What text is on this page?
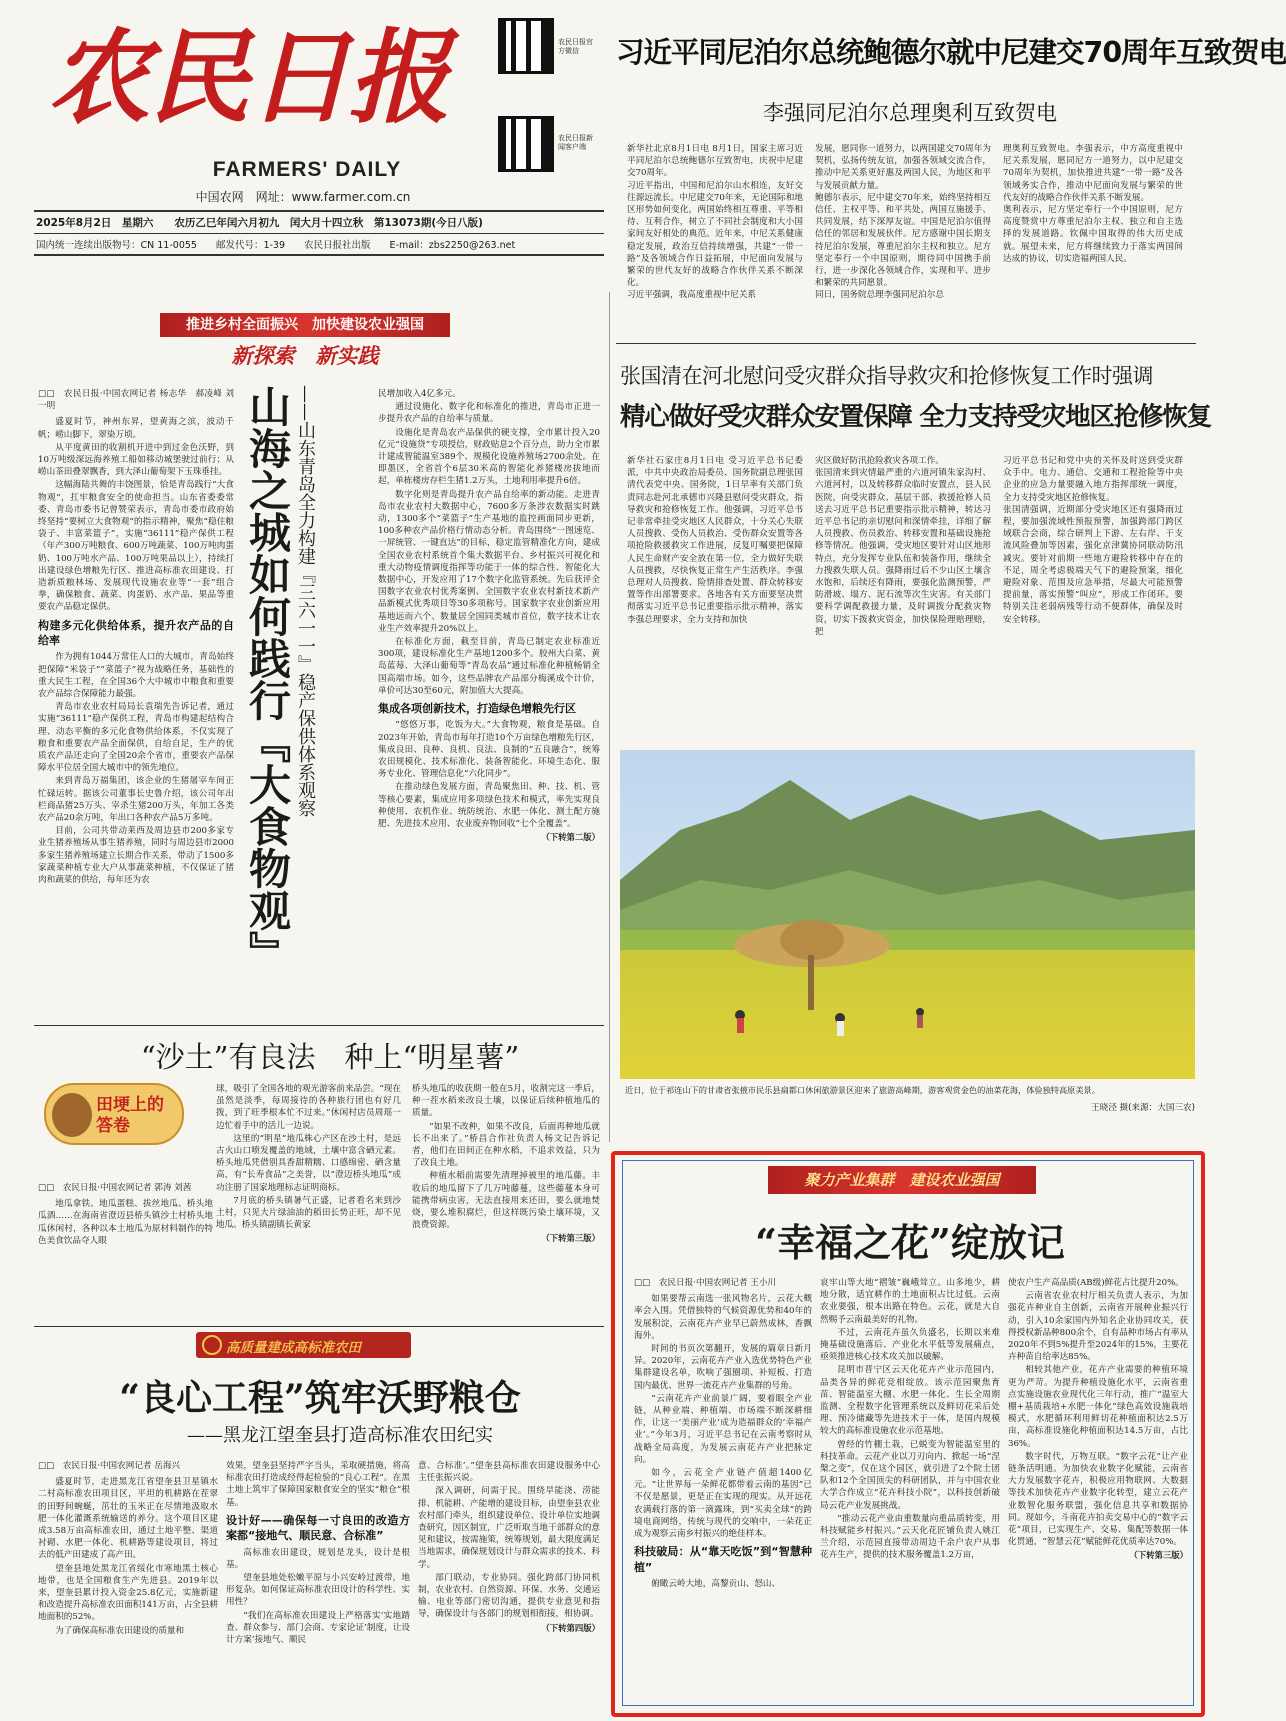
农民日报
FARMERS' DAILY
中国农网　网址：www.farmer.com.cn
农民日报官方微信
农民日报新闻客户端
2025年8月2日　星期六　　农历乙巳年闰六月初九　闰大月十四立秋　第13073期(今日八版)
国内统一连续出版物号：CN 11-0055　　邮发代号：1-39　　农民日报社出版　　E-mail：zbs2250@263.net
习近平同尼泊尔总统鲍德尔就中尼建交70周年互致贺电
李强同尼泊尔总理奥利互致贺电
新华社北京8月1日电 8月1日，国家主席习近平同尼泊尔总统鲍德尔互致贺电，庆祝中尼建交70周年。
习近平指出，中国和尼泊尔山水相连，友好交往源远流长。中尼建交70年来，无论国际和地区形势如何变化，两国始终相互尊重、平等相待、互利合作，树立了不同社会制度和大小国家间友好相处的典范。近年来，中尼关系健康稳定发展，政治互信持续增强，共建“一带一路”及各领域合作日益拓展，中尼面向发展与繁荣的世代友好的战略合作伙伴关系不断深化。
习近平强调，我高度重视中尼关系
发展，愿同你一道努力，以两国建交70周年为契机，弘扬传统友谊，加强各领域交流合作，推动中尼关系更好惠及两国人民，为地区和平与发展贡献力量。
鲍德尔表示，尼中建交70年来，始终坚持相互信任、主权平等、和平共处，两国互施援手、共同发展，结下深厚友谊。中国是尼泊尔值得信任的邻居和发展伙伴。尼方感谢中国长期支持尼泊尔发展，尊重尼泊尔主权和独立。尼方坚定奉行一个中国原则，期待同中国携手前行，进一步深化各领域合作，实现和平、进步和繁荣的共同愿景。
同日，国务院总理李强同尼泊尔总
理奥利互致贺电。李强表示，中方高度重视中尼关系发展，愿同尼方一道努力，以中尼建交70周年为契机，加快推进共建“一带一路”及各领域务实合作，推动中尼面向发展与繁荣的世代友好的战略合作伙伴关系不断发展。
奥利表示，尼方坚定奉行一个中国原则，尼方高度赞赏中方尊重尼泊尔主权、独立和自主选择的发展道路。钦佩中国取得的伟大历史成就。展望未来，尼方将继续致力于落实两国间达成的协议，切实造福两国人民。
推进乡村全面振兴　加快建设农业强国
新探索　新实践
张国清在河北慰问受灾群众指导救灾和抢修恢复工作时强调
精心做好受灾群众安置保障 全力支持受灾地区抢修恢复
新华社石家庄8月1日电 受习近平总书记委派，中共中央政治局委员、国务院副总理张国清代表党中央、国务院，1日早率有关部门负责同志赴河北承德市兴隆县慰问受灾群众，指导救灾和抢修恢复工作。他强调，习近平总书记非常牵挂受灾地区人民群众，十分关心失联人员搜救、受伤人员救治、受伤群众安置等各项抢险救援救灾工作进展，反复叮嘱要把保障人民生命财产安全放在第一位，全力做好失联人员搜救，尽快恢复正常生产生活秩序。李强总理对人员搜救、险情排查处置、群众转移安置等作出部署要求。各地各有关方面要坚决贯彻落实习近平总书记重要指示批示精神，落实李强总理要求，全力支持和加快
灾区做好防汛抢险救灾各项工作。
张国清来到灾情最严重的六道河镇朱家沟村、六道河村，以及转移群众临时安置点，县人民医院，向受灾群众、基层干部、救援抢修人员送去习近平总书记重要指示批示精神，转达习近平总书记的亲切慰问和深情牵挂，详细了解人员搜救、伤员救治、转移安置和基础设施抢修等情况。他强调，受灾地区要针对山区地形特点，充分发挥专业队伍和装备作用，继续全力搜救失联人员。强降雨过后不少山区土壤含水饱和，后续还有降雨，要强化监测预警，严防滑坡、塌方、泥石流等次生灾害。有关部门要科学调配救援力量，及时调拨分配救灾物资，切实下拨救灾资金，加快保险理赔理赔，把
习近平总书记和党中央的关怀及时送到受灾群众手中。电力、通信、交通和工程抢险等中央企业的应急力量要融入地方指挥部统一调度，全力支持受灾地区抢修恢复。
张国清强调，近期部分受灾地区还有强降雨过程，要加强流域性预报预警，加强跨部门跨区域联合会商，综合研判上下游、左右岸、干支流风险叠加等因素，强化京津冀协同联动防汛减灾。要针对前期一些地方避险转移中存在的不足，周全考虑极端天气下的避险预案，细化避险对象、范围及应急举措，尽最大可能预警提前量，落实预警“叫应”，形成工作闭环。要特别关注老弱病残等行动不便群体，确保及时安全转移。
近日，位于祁连山下的甘肃省张掖市民乐县扁都口休闲旅游景区迎来了旅游高峰期，游客观赏金色的油菜花海，体验独特高原美景。
王晓泾 摄(来源：大国三农)
山海之城如何践行『大食物观』 ——山东青岛全力构建『三六一一』稳产保供体系观察
□□　农民日报·中国农网记者 杨志华　郝凌峰 刘一明

盛夏时节，神州东昇，望黄海之滨，波动千帆；崂山脚下，翠染万顷。

从平度黄田的收割机开进中到过金色沃野，到10万吨级深远海养殖工船如移动城堡驶过前行；从崂山茶田叠翠飘香，到大泽山葡萄架下玉珠垂挂。

这幅海陆共舞的丰饶图景，恰是青岛践行“大食物观”，扛牢粮食安全的使命担当。山东省委委常委、青岛市委书记曾赞荣表示，青岛市委市政府始终坚持“要树立大食物观”的指示精神，聚焦“稳住粮袋子、丰富菜篮子”，实施“36111”稳产保供工程（年产300万吨粮食、600万吨蔬菜、100万吨肉蛋奶、100万吨水产品、100万吨果品以上），持续打出建设绿色增粮先行区、推进高标准农田建设、打造新质粮林场、发展现代设施农业等“一套”组合拳，确保粮食、蔬菜、肉蛋奶、水产品、果品等重要农产品稳定保供。

构建多元化供给体系，提升农产品的自给率

作为拥有1044万常住人口的大城市，青岛始终把保障“米袋子”“菜篮子”视为战略任务，基础性的重大民生工程，在全国36个大中城市中粮食和重要农产品综合保障能力最强。

青岛市农业农村局局长袁瑞先告诉记者，通过实施“36111”稳产保供工程，青岛市构建起结构合理、动态平衡的多元化食物供给体系，不仅实现了粮食和重要农产品全面保供，自给自足，生产的优质农产品还走向了全国20余个省市，重要农产品保障水平位居全国大城市中的领先地位。

来到青岛万福集团，该企业的生猪屠宰车间正忙碌运转。据该公司董事长史鲁介绍，该公司年出栏商品猪25万头、宰杀生猪200万头，年加工各类农产品20余万吨，年出口各种农产品5万多吨。

目前，公司共带动莱西及周边县市200多家专业生猪养殖场从事生猪养殖，同时与周边县市2000多家生猪养殖场建立长期合作关系，带动了1500多家蔬菜种植专业大户从事蔬菜种植，不仅保证了猪肉和蔬菜的供给，每年还为农

民增加收入4亿多元。

通过设施化、数字化和标准化的推进，青岛市正进一步提升农产品的自给率与质量。

设施化是青岛农产品保供的硬支撑，全市累计投入20亿元“设施贷”专项授信，财政贴息2个百分点，助力全市累计建成智能温室389个、规模化设施养殖场2700余处。在即墨区，全省首个6层30米高的智能化养猪楼房拔地而起，单栋楼房存栏生猪1.2万头，土地利用率提升6倍。

数字化则是青岛提升农产品自给率的新动能。走进青岛市农业农村大数据中心，7600多万条涉农数据实时跳动，1300多个“菜篮子”生产基地的监控画面同步更新，100多种农产品价格行情动态分析。青岛围绕“一图速览、一屏统管、一键直达”的目标，稳定监管精准化方向，建成全国农业农村系统首个集大数据平台、乡村振兴可视化和重大动物疫情调度指挥等功能于一体的综合性、智能化大数据中心，开发应用了17个数字化监管系统。先后获评全国数字农业农村优秀案例、全国数字农业农村新技术新产品新模式优秀项目等30多项称号。国家数字农业创新应用基地远而六个、数量居全国同类城市首位，数字技术让农业生产效率提升20%以上。

在标准化方面，截至目前，青岛已制定农业标准近300项，建设标准化生产基地1200多个。胶州大白菜、黄岛蓝莓、大泽山葡萄等“青岛农品”通过标准化种植畅销全国高端市场。如今，这些品牌农产品部分梅溪成个计价，单价可达30至60元，附加值大大提高。

集成各项创新技术，打造绿色增粮先行区

“悠悠万事，吃饭为大。”大食物观，粮食是基础。自2023年开始，青岛市每年打造10个万亩绿色增粮先行区，集成良田、良种、良机、良法、良制的“五良融合”，统筹农田规模化、技术标准化、装备智能化、环境生态化、服务专业化、管理信息化“六化同步”。

在推动绿色发展方面，青岛聚焦田、种、技、机、管等核心要素，集成应用多项绿色技术和模式，率先实现良种使用、农机作业、统防统治、水肥一体化、测土配方施肥、先进技术应用、农业废弃物回收“七个全覆盖”。

（下转第二版）
“沙土”有良法　种上“明星薯”
田埂上的答卷
□□　农民日报·中国农网记者 郭涛 刘茜

地瓜拿铁、地瓜蛋糕、拔丝地瓜、桥头地瓜酒……在海南省澄迈县桥头镇沙土村桥头地瓜休闲村，各种以本土地瓜为原材料制作的特色美食饮品夺人眼

球，吸引了全国各地的观光游客前来品尝。“现在虽然是淡季，每周接待的各种旅行团也有好几拨，到了旺季根本忙不过来。”休闲村店员周瑶一边忙着手中的活儿一边说。

这里的“明星”地瓜株心产区在沙土村，是远古火山口喷发覆盖的地域，土壤中富含硒元素。桥头地瓜凭借别具香甜精糯、口感绵密、硒含量高，有“长寿食品”之美誉，以“澄迈桥头地瓜”成功注册了国家地理标志证明商标。

7月底的桥头镇暑气正盛，记者看名来到沙土村，只见大片绿油油的稻田长势正旺，却不见地瓜。桥头镇副镇长黄家

桥头地瓜的收获期一般在5月，收割完这一季后，种一茬水稻来改良土壤，以保证后续种植地瓜的质量。

“如果不改种，如果不改良，后面再种地瓜就长不出来了。”桥昌合作社负责人杨文记告诉记者，他们在田间正在种水稻，不追求效益，只为了改良土地。

种植水稻前需要先清理掉被里的地瓜藤。丰收后的地瓜留下了几万吨藤蔓，这些藤蔓本身可能携带病虫害，无法直接用来还田，要么就地焚烧，要么堆积腐烂，但这样既污染土壤环境，又浪费资源。

（下转第三版）
高质量建成高标准农田
“良心工程”筑牢沃野粮仓
——黑龙江望奎县打造高标准农田纪实
□□　农民日报·中国农网记者 岳海兴

盛夏时节，走进黑龙江省望奎县卫星镇水二村高标准农田项目区，平坦的机耕路在茬翠的田野间蜿蜒，茁壮的玉米正在尽情地汲取水肥一体化灌溉系统输送的养分。这个项目区建成3.58万亩高标准农田，通过土地平整、渠道衬砌、水肥一体化、机耕路等建设项目，将过去的低产田建成了高产田。

望奎县地处黑龙江省绥化市寒地黑土核心地带，也是全国粮食生产先进县。2019年以来，望奎县累计投入资金25.8亿元，实施新建和改造提升高标准农田面积141万亩，占全县耕地面积的52%。

为了确保高标准农田建设的质量和

效果，望奎县坚持严字当头，采取硬措施，将高标准农田打造成经得起检验的“良心工程”。在黑土地上筑牢了保障国家粮食安全的坚实“粮仓”根基。

设计好——确保每一寸良田的改造方案都“接地气、顺民意、合标准”

高标准农田建设，规划是龙头，设计是根基。

望奎县地处松嫩平原与小兴安岭过渡带，地形复杂。如何保证高标准农田设计的科学性、实用性？

“我们在高标准农田建设上严格落实‘实地踏查、群众参与、部门会商、专家论证’制度，让设计方案‘接地气、顺民

意、合标准’。”望奎县高标准农田建设服务中心主任张振兴说。

深入调研，问需于民。围绕旱能浇、涝能排、机能耕、产能增的建设目标，由望奎县农业农村部门牵头，组织建设单位、设计单位实地调查研究，因区制宜，广泛听取当地干部群众的意见和建议，按需施策，统筹规划，最大限度满足当地需求，确保规划设计与群众需求的技术、科学。

部门联动，专业协同。强化跨部门协同机制，农业农村、自然资源、环保、水务、交通运输、电业等部门密切沟通，提供专业意见和指导，确保设计与各部门的规划相衔接，相协调。

（下转第四版）
聚力产业集群　建设农业强国
“幸福之花”绽放记
□□　农民日报·中国农网记者 王小川

如果要帮云南选一张风物名片，云花大概率会入围。凭借独特的气候资源优势和40年的发展积淀，云南花卉产业早已蔚然成林，香飘海外。

时间的书页次第翻开，发展的篇章日新月异。2020年，云南花卉产业入选优势特色产业集群建设名单，吹响了强圈项、补短板、打造国内最优、世界一流花卉产业集群的号角。

“云南花卉产业前景广阔，要着眼全产业链，从种业端、种植端、市场端不断深耕细作，让这一‘美丽产业’成为造福群众的‘幸福产业’。”今年3月，习近平总书记在云南考察时从战略全局高度，为发展云南花卉产业把脉定向。

如今，云花全产业链产值超1400亿元。“让世界每一朵鲜花都带着云南的基因”已不仅是愿景，更是正在实现的现实。从开远花农满载打落的第一滴露珠，到“买卖全球”的跨境电商网络，传统与现代的交响中，一朵花正成为观察云南乡村振兴的绝佳样本。

科技破局：从“靠天吃饭”到“智慧种植”

俯瞰云岭大地，高黎贡山、怒山、

哀牢山等大地“褶皱”巍峨耸立。山多地少，耕地分散，适宜耕作的土地面积占比过低。云南农业要强，根本出路在特色。云花，就是大自然赐予云南最美好的礼物。

不过，云南花卉虽久负盛名，长期以来难掩基础设施落后、产业化水平低等发展痛点，亟须推进核心技术攻关加以破解。

昆明市晋宁区云天化花卉产业示范园内，品类各异的鲜花竞相绽放。该示范园聚焦育苗、智能温室大棚、水肥一体化、生长全周期监测、全程数字化管理系统以及鲜切花采后处理、预冷储藏等先进技术于一体，是国内规模较大的高标准设施农业示范基地。

曾经的竹棚土栽，已蜕变为智能温室里的科技革命。云花产业以刀刃向内、掀起一场“涅槃之变”，仅在这个园区，就引进了2个院士团队和12个全国顶尖的科研团队，并与中国农业大学合作成立“花卉科技小院”，以科技创新破局云花产业发展挑战。

“推动云花产业由重数量向重品质转变，用科技赋能乡村振兴。”云天化花匠铺负责人姚江兰介绍，示范园直接带动周边千余户农户从事花卉生产，提供的技术服务覆盖1.2万亩，

使农户生产高品质(AB级)鲜花占比提升20%。

云南省农业农村厅相关负责人表示，为加强花卉种业自主创新，云南省开展种业振兴行动，引入10余家国内外知名企业协同攻关，获得授权新品种800余个，自有品种市场占有率从2020年不到5%提升至2024年的15%，主要花卉种苗自给率达85%。

相较其他产业，花卉产业需要的种植环境更为严苛。为提升种植设施化水平，云南省重点实施设施农业现代化三年行动，推广“温室大棚+基质栽培+水肥一体化”绿色高效设施栽培模式，水肥循环利用鲜切花种植面积达2.5万亩，高标准设施化种植面积达14.5万亩，占比36%。

数字时代，万物互联。“数字云花”让产业链条活明通。为加快农业数字化赋能，云南省大力发展数字花卉，积极应用物联网、大数据等技术加快花卉产业数字化转型，建立云花产业数智化服务联盟，强化信息共享和数据协同。现如今，斗南花卉拍卖交易中心的“数字云花”项目，已实现生产、交易、集配等数据一体化贯通，“智慧云花”赋能鲜花优质率达70%。

（下转第三版）
